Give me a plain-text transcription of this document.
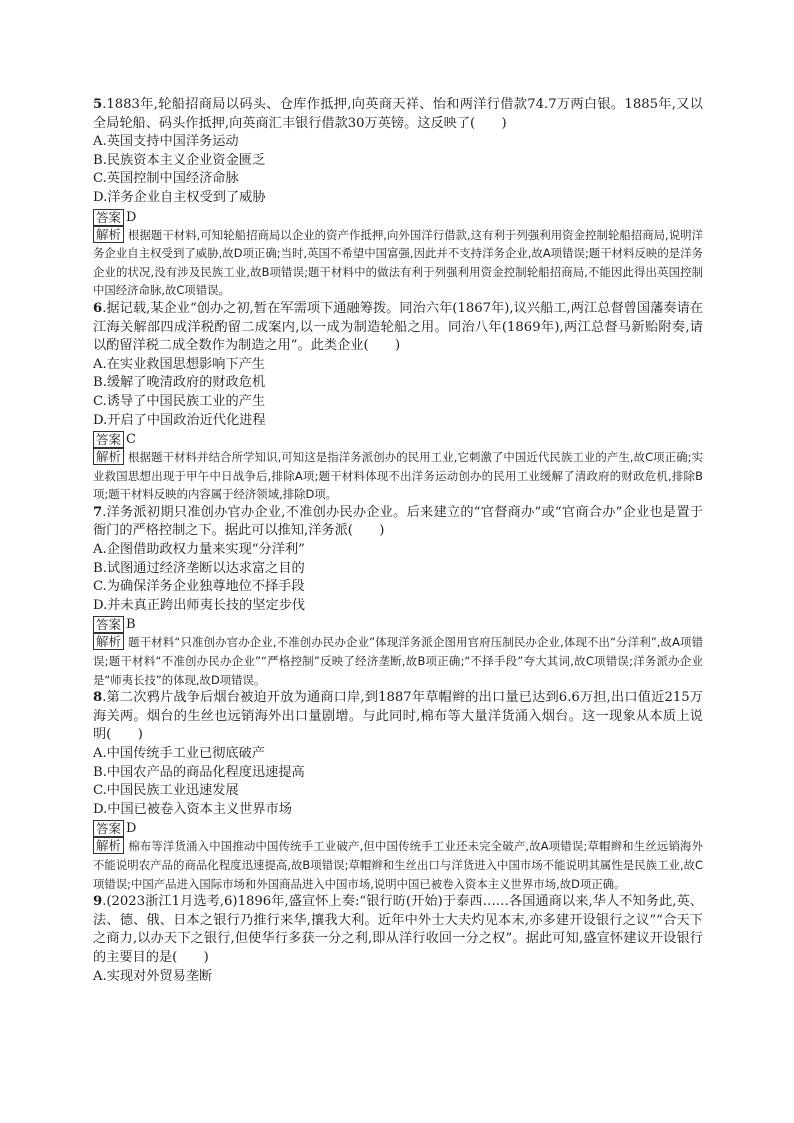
5.1883年,轮船招商局以码头、仓库作抵押,向英商天祥、怡和两洋行借款74.7万两白银。1885年,又以全局轮船、码头作抵押,向英商汇丰银行借款30万英镑。这反映了(　　)
A.英国支持中国洋务运动
B.民族资本主义企业资金匮乏
C.英国控制中国经济命脉
D.洋务企业自主权受到了威胁
答案 D
解析 根据题干材料,可知轮船招商局以企业的资产作抵押,向外国洋行借款,这有利于列强利用资金控制轮船招商局,说明洋务企业自主权受到了威胁,故D项正确;当时,英国不希望中国富强,因此并不支持洋务企业,故A项错误;题干材料反映的是洋务企业的状况,没有涉及民族工业,故B项错误;题干材料中的做法有利于列强利用资金控制轮船招商局,不能因此得出英国控制中国经济命脉,故C项错误。
6.据记载,某企业“创办之初,暂在军需项下通融筹拨。同治六年(1867年),议兴船工,两江总督曾国藩奏请在江海关解部四成洋税酌留二成案内,以一成为制造轮船之用。同治八年(1869年),两江总督马新贻附奏,请以酌留洋税二成全数作为制造之用”。此类企业(　　)
A.在实业救国思想影响下产生
B.缓解了晚清政府的财政危机
C.诱导了中国民族工业的产生
D.开启了中国政治近代化进程
答案 C
解析 根据题干材料并结合所学知识,可知这是指洋务派创办的民用工业,它刺激了中国近代民族工业的产生,故C项正确;实业救国思想出现于甲午中日战争后,排除A项;题干材料体现不出洋务运动创办的民用工业缓解了清政府的财政危机,排除B项;题干材料反映的内容属于经济领域,排除D项。
7.洋务派初期只准创办官办企业,不准创办民办企业。后来建立的“官督商办”或“官商合办”企业也是置于衙门的严格控制之下。据此可以推知,洋务派(　　)
A.企图借助政权力量来实现“分洋利”
B.试图通过经济垄断以达求富之目的
C.为确保洋务企业独尊地位不择手段
D.并未真正跨出师夷长技的坚定步伐
答案 B
解析 题干材料“只准创办官办企业,不准创办民办企业”体现洋务派企图用官府压制民办企业,体现不出“分洋利”,故A项错误;题干材料“不准创办民办企业”“严格控制”反映了经济垄断,故B项正确;“不择手段”夸大其词,故C项错误;洋务派办企业是“师夷长技”的体现,故D项错误。
8.第二次鸦片战争后烟台被迫开放为通商口岸,到1887年草帽辫的出口量已达到6.6万担,出口值近215万海关两。烟台的生丝也远销海外出口量剧增。与此同时,棉布等大量洋货涌入烟台。这一现象从本质上说明(　　)
A.中国传统手工业已彻底破产
B.中国农产品的商品化程度迅速提高
C.中国民族工业迅速发展
D.中国已被卷入资本主义世界市场
答案 D
解析 棉布等洋货涌入中国推动中国传统手工业破产,但中国传统手工业还未完全破产,故A项错误;草帽辫和生丝远销海外不能说明农产品的商品化程度迅速提高,故B项错误;草帽辫和生丝出口与洋货进入中国市场不能说明其属性是民族工业,故C项错误;中国产品进入国际市场和外国商品进入中国市场,说明中国已被卷入资本主义世界市场,故D项正确。
9.(2023浙江1月选考,6)1896年,盛宣怀上奏:“银行昉(开始)于泰西……各国通商以来,华人不知务此,英、法、德、俄、日本之银行乃推行来华,攘我大利。近年中外士大夫灼见本末,亦多建开设银行之议”“合天下之商力,以办天下之银行,但使华行多获一分之利,即从洋行收回一分之权”。据此可知,盛宣怀建议开设银行的主要目的是(　　)
A.实现对外贸易垄断
